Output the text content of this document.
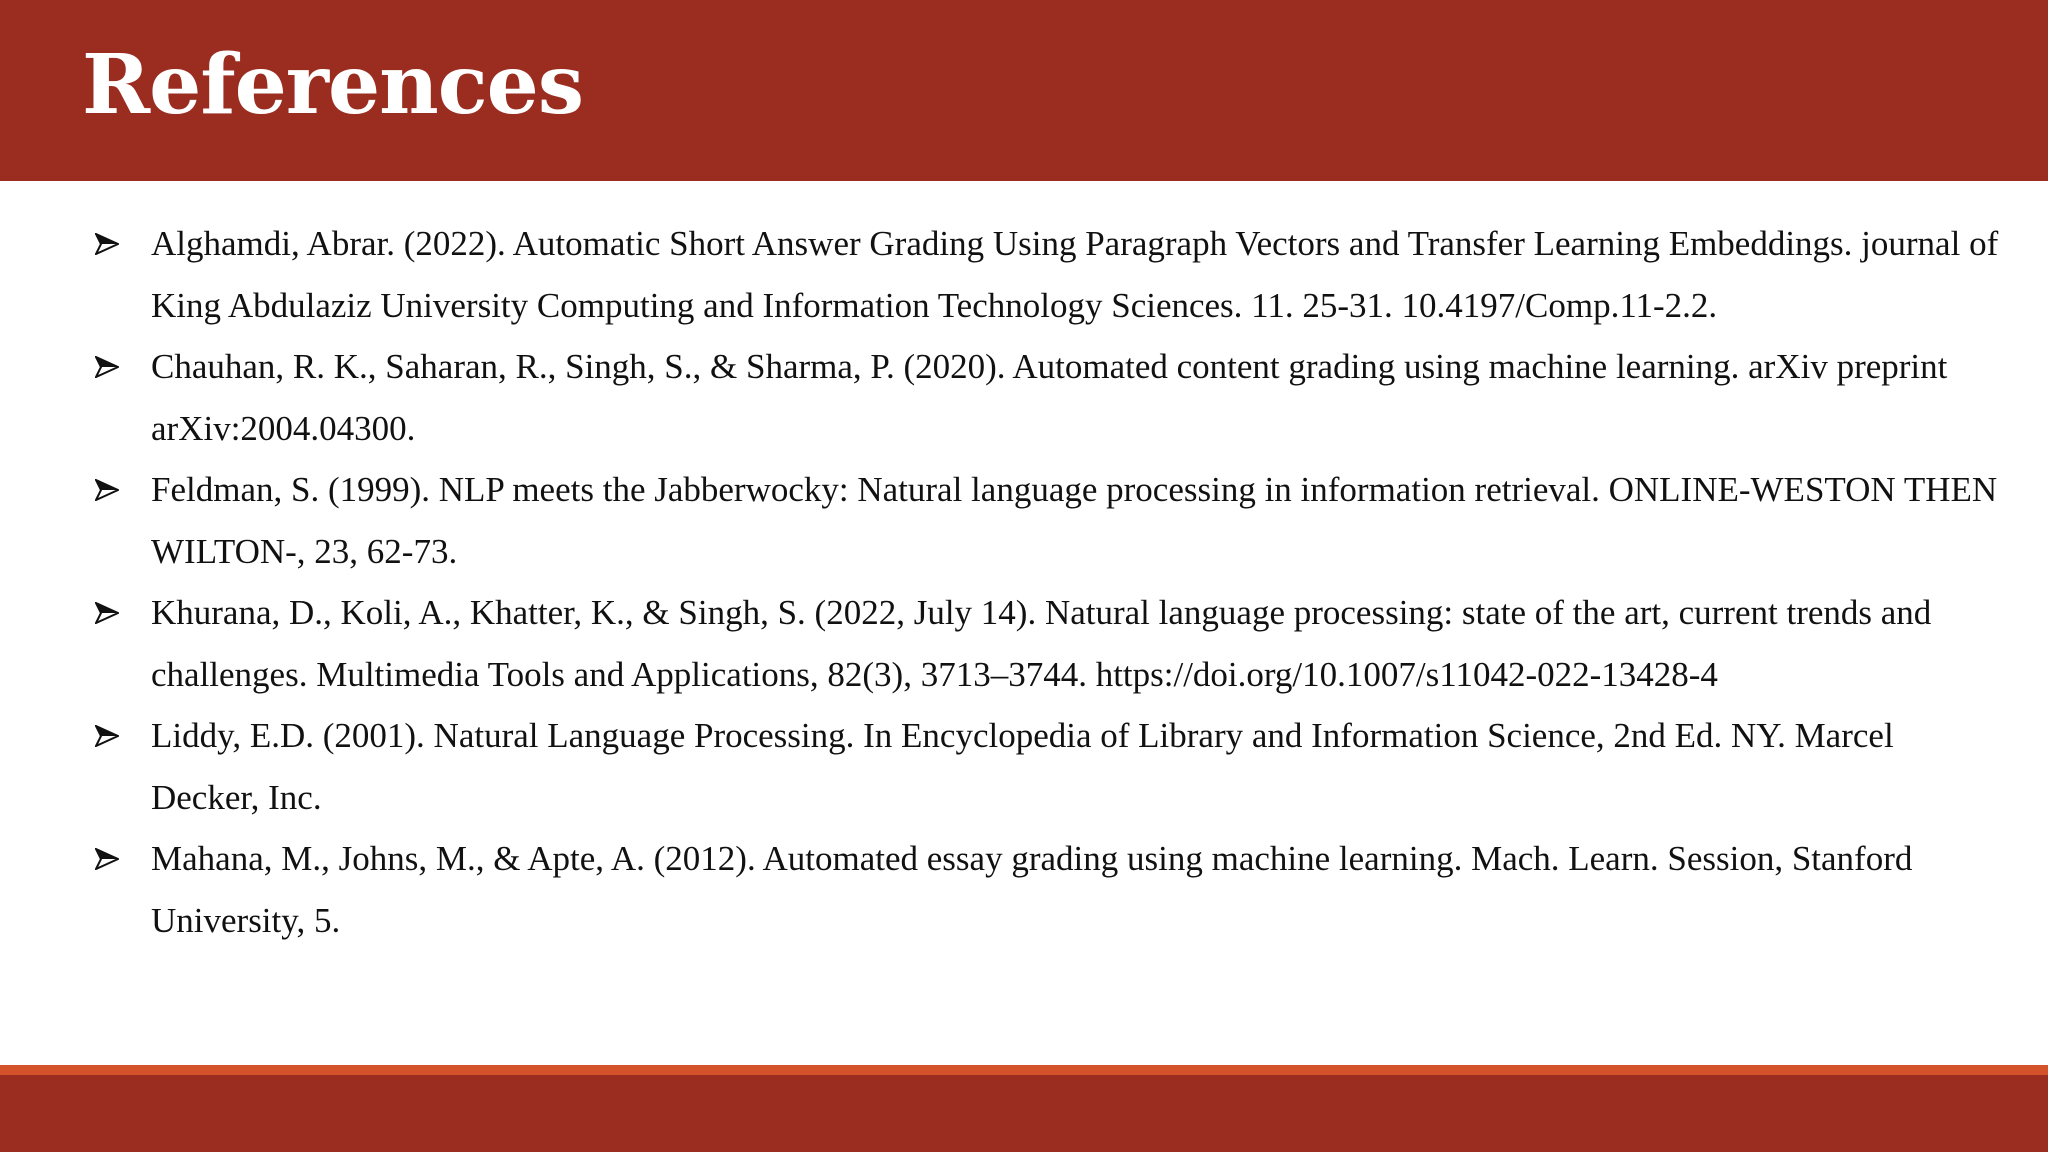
References
Alghamdi, Abrar. (2022). Automatic Short Answer Grading Using Paragraph Vectors and Transfer Learning Embeddings. journal of King Abdulaziz University Computing and Information Technology Sciences. 11. 25-31. 10.4197/Comp.11-2.2.
Chauhan, R. K., Saharan, R., Singh, S., & Sharma, P. (2020). Automated content grading using machine learning. arXiv preprint arXiv:2004.04300.
Feldman, S. (1999). NLP meets the Jabberwocky: Natural language processing in information retrieval. ONLINE-WESTON THEN WILTON-, 23, 62-73.
Khurana, D., Koli, A., Khatter, K., & Singh, S. (2022, July 14). Natural language processing: state of the art, current trends and challenges. Multimedia Tools and Applications, 82(3), 3713–3744. https://doi.org/10.1007/s11042-022-13428-4
Liddy, E.D. (2001). Natural Language Processing. In Encyclopedia of Library and Information Science, 2nd Ed. NY. Marcel Decker, Inc.
Mahana, M., Johns, M., & Apte, A. (2012). Automated essay grading using machine learning. Mach. Learn. Session, Stanford University, 5.
